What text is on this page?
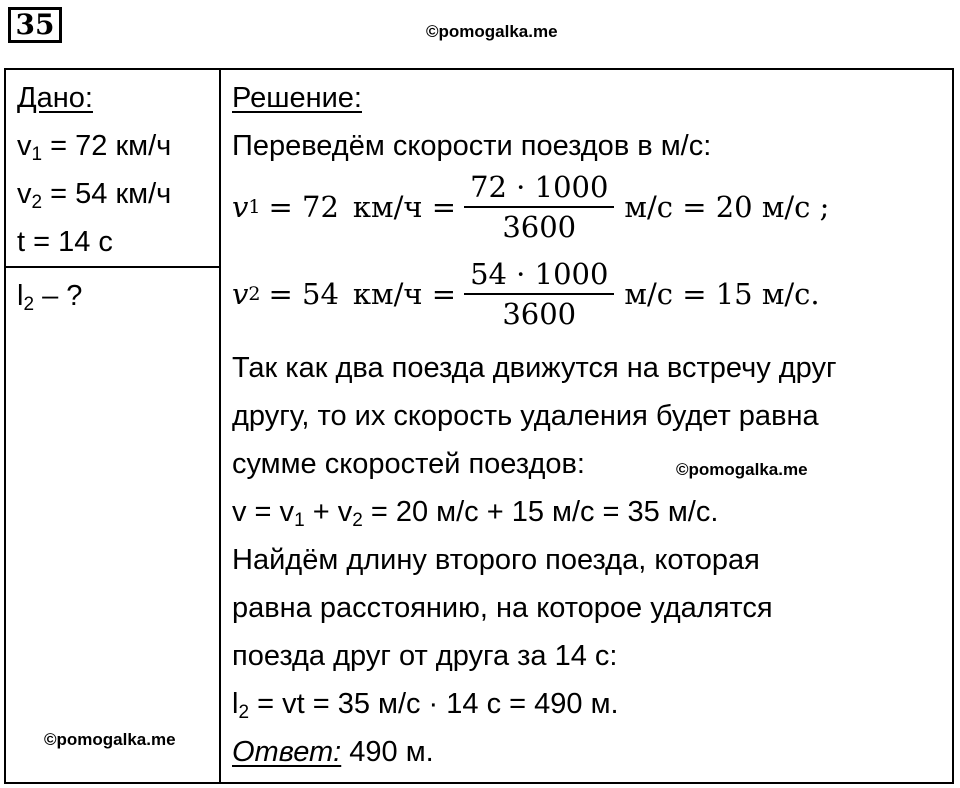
35	©pomogalka.me
Дано:
$v_1 = 72$ км/ч
$v_2 = 54$ км/ч
t = 14 с
$l_2$ – ?
©pomogalka.me
Решение:
Переведём скорости поездов в м/с:
v 1 = 72 $км/ч = \frac{72 \cdot 1000}{3600} м/с = 20$ м/с ;
v 2 = 54 $км/ч = \frac{54 \cdot 1000}{3600} м/с = 15$ м/с.
Так как два поезда движутся на встречу друг
другу, то их скорость удаления будет равна
сумме скоростей поездов:	©pomogalka.me
$v = v_1 + v_2 = 20$ м/с + 15 м/с = 35 м/с.
Найдём длину второго поезда, которая
равна расстоянию, на которое удалятся
поезда друг от друга за 14 с:
$l_2$ = vt = 35 м/с · 14 с = 490 м.
Ответ: 490 м.
